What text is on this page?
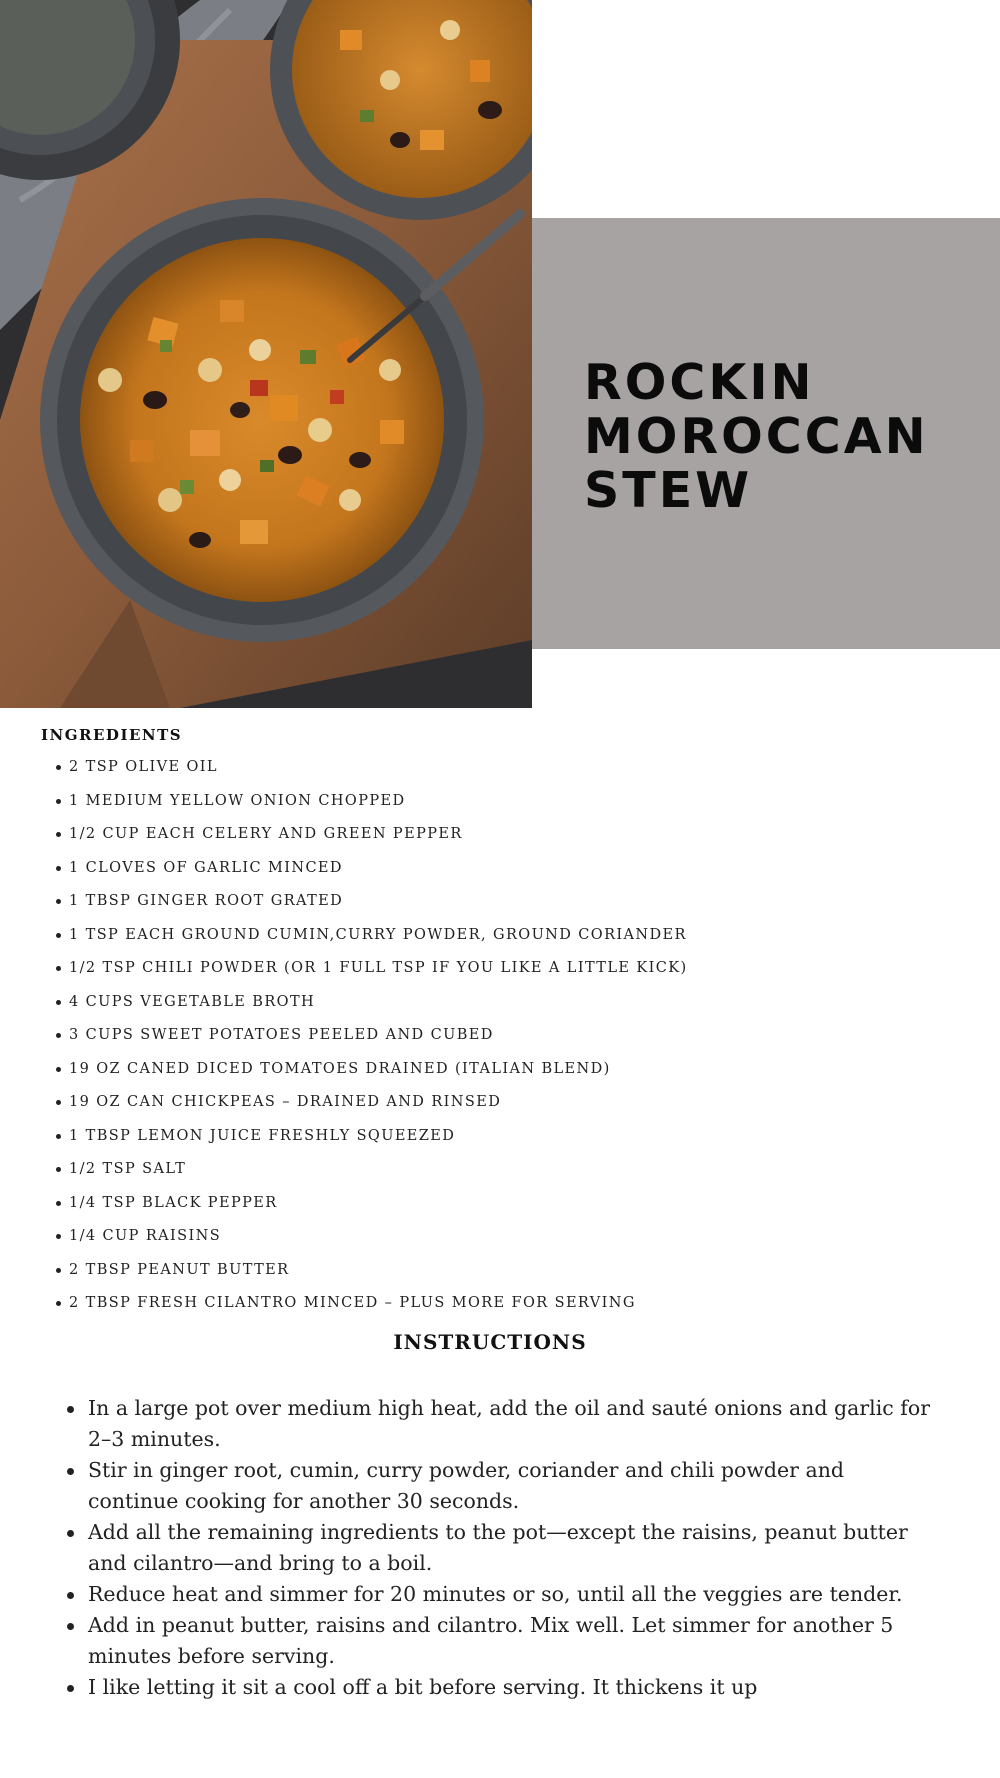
ROCKIN
MOROCCAN
STEW
INGREDIENTS
2 TSP OLIVE OIL
1 MEDIUM YELLOW ONION CHOPPED
1/2 CUP EACH CELERY AND GREEN PEPPER
1 CLOVES OF GARLIC MINCED
1 TBSP GINGER ROOT GRATED
1 TSP EACH GROUND CUMIN,CURRY POWDER, GROUND CORIANDER
1/2 TSP CHILI POWDER (OR 1 FULL TSP IF YOU LIKE A LITTLE KICK)
4 CUPS VEGETABLE BROTH
3 CUPS SWEET POTATOES PEELED AND CUBED
19 OZ CANED DICED TOMATOES DRAINED (ITALIAN BLEND)
19 OZ CAN CHICKPEAS – DRAINED AND RINSED
1 TBSP LEMON JUICE FRESHLY SQUEEZED
1/2 TSP SALT
1/4 TSP BLACK PEPPER
1/4 CUP RAISINS
2 TBSP PEANUT BUTTER
2 TBSP FRESH CILANTRO MINCED – PLUS MORE FOR SERVING
INSTRUCTIONS
In a large pot over medium high heat, add the oil and sauté onions and garlic for 2–3 minutes.
Stir in ginger root, cumin, curry powder, coriander and chili powder and continue cooking for another 30 seconds.
Add all the remaining ingredients to the pot—except the raisins, peanut butter and cilantro—and bring to a boil.
Reduce heat and simmer for 20 minutes or so, until all the veggies are tender.
Add in peanut butter, raisins and cilantro. Mix well. Let simmer for another 5 minutes before serving.
I like letting it sit a cool off a bit before serving. It thickens it up
